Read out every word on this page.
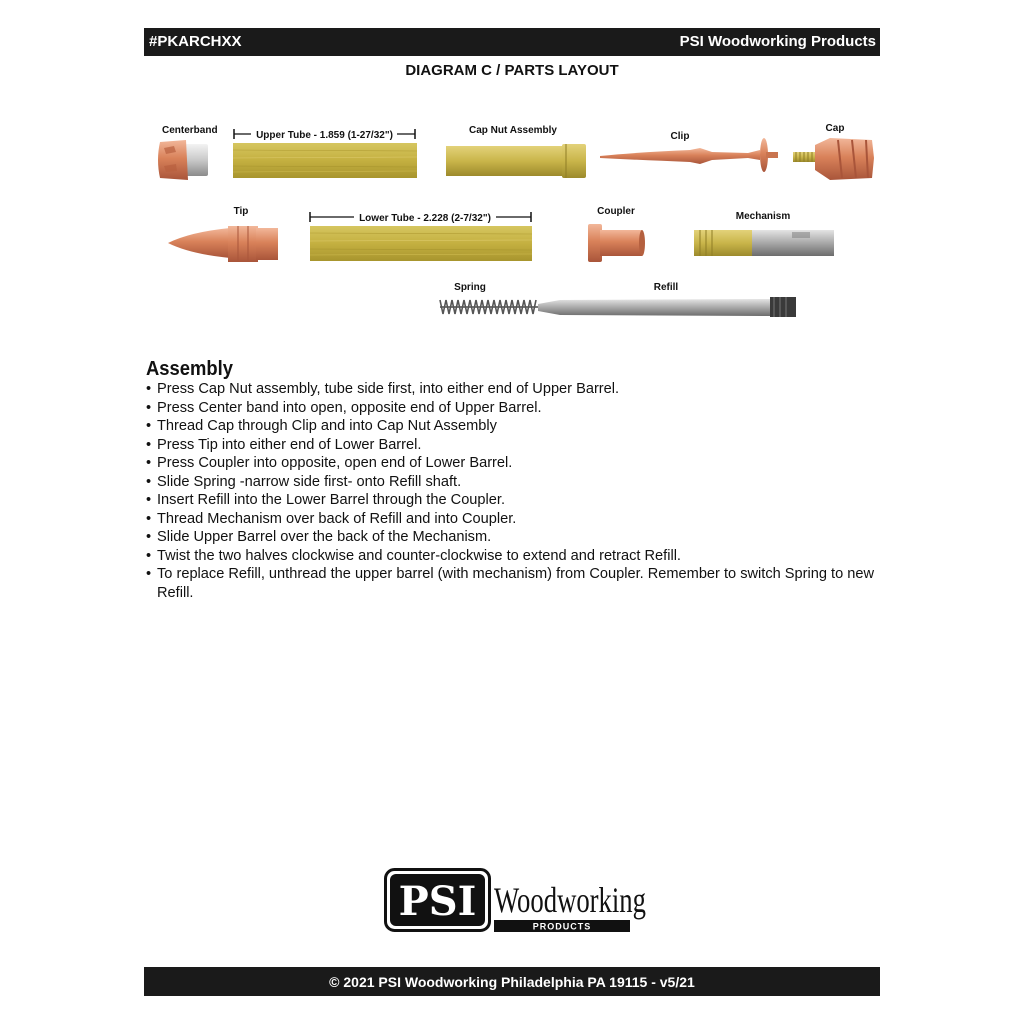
#PKARCHXX	PSI Woodworking Products
DIAGRAM C / PARTS LAYOUT
Centerband	Upper Tube - 1.859 (1-27/32")	Cap Nut Assembly
Clip
Cap
Tip
Lower Tube - 2.228 (2-7/32")
Coupler	Mechanism
Spring	Refill
Assembly
• Press Cap Nut assembly, tube side first, into either end of Upper Barrel.
• Press Center band into open, opposite end of Upper Barrel.
• Thread Cap through Clip and into Cap Nut Assembly
• Press Tip into either end of Lower Barrel.
• Press Coupler into opposite, open end of Lower Barrel.
• Slide Spring -narrow side first- onto Refill shaft.
• Insert Refill into the Lower Barrel through the Coupler.
• Thread Mechanism over back of Refill and into Coupler.
• Slide Upper Barrel over the back of the Mechanism.
• Twist the two halves clockwise and counter-clockwise to extend and retract Refill.
• To replace Refill, unthread the upper barrel (with mechanism) from Coupler. Remember to switch Spring to new Refill.
PSI Woodworking
PRODUCTS
© 2021 PSI Woodworking Philadelphia PA 19115 - v5/21
